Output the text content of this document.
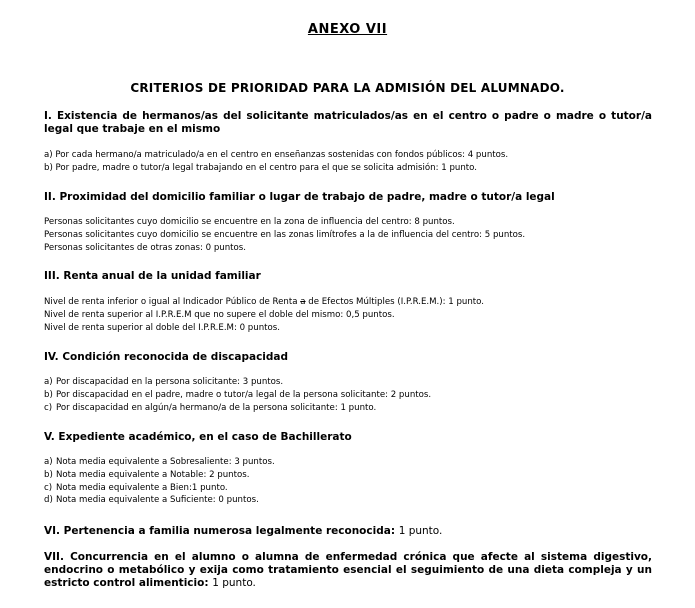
ANEXO VII
CRITERIOS DE PRIORIDAD PARA LA ADMISIÓN DEL ALUMNADO.

I. Existencia de hermanos/as del solicitante matriculados/as en el centro o padre o madre o tutor/a legal que trabaje en el mismo

a) Por cada hermano/a matriculado/a en el centro en enseñanzas sostenidas con fondos públicos: 4 puntos.

b) Por padre, madre o tutor/a legal trabajando en el centro para el que se solicita admisión: 1 punto.

II. Proximidad del domicilio familiar o lugar de trabajo de padre, madre o tutor/a legal

Personas solicitantes cuyo domicilio se encuentre en la zona de influencia del centro: 8 puntos.

Personas solicitantes cuyo domicilio se encuentre en las zonas limítrofes a la de influencia del centro: 5 puntos.

Personas solicitantes de otras zonas: 0 puntos.

III. Renta anual de la unidad familiar

Nivel de renta inferior o igual al Indicador Público de Renta a de Efectos Múltiples (I.P.R.E.M.): 1 punto.

Nivel de renta superior al I.P.R.E.M que no supere el doble del mismo: 0,5 puntos.

Nivel de renta superior al doble del I.P.R.E.M: 0 puntos.

IV. Condición reconocida de discapacidad

a) Por discapacidad en la persona solicitante: 3 puntos.

b) Por discapacidad en el padre, madre o tutor/a legal de la persona solicitante: 2 puntos.

c) Por discapacidad en algún/a hermano/a de la persona solicitante: 1 punto.

V. Expediente académico, en el caso de Bachillerato

a) Nota media equivalente a Sobresaliente: 3 puntos.

b) Nota media equivalente a Notable: 2 puntos.

c) Nota media equivalente a Bien:1 punto.

d) Nota media equivalente a Suficiente: 0 puntos.

VI. Pertenencia a familia numerosa legalmente reconocida: 1 punto.

VII. Concurrencia en el alumno o alumna de enfermedad crónica que afecte al sistema digestivo, endocrino o metabólico y exija como tratamiento esencial el seguimiento de una dieta compleja y un estricto control alimenticio: 1 punto.
